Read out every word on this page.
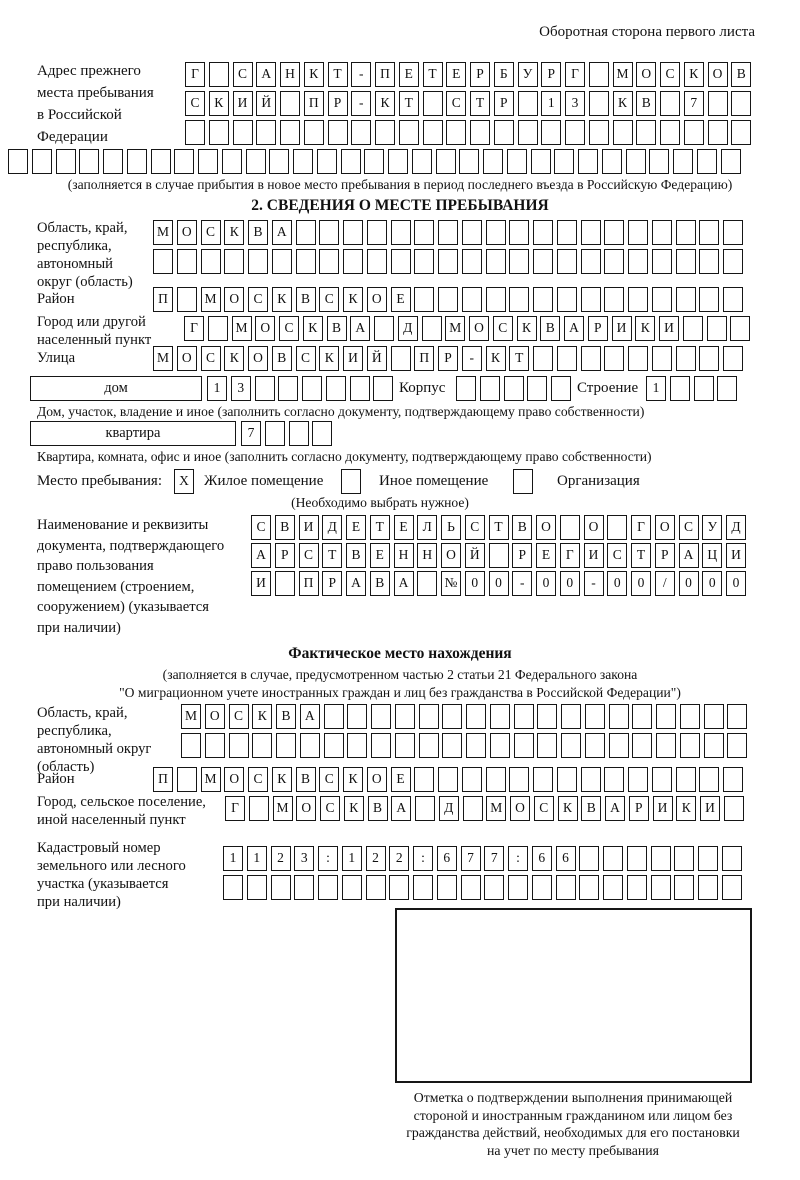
Оборотная сторона первого листа
Адрес прежнего
места пребывания
в Российской
Федерации
Г	С А Н К Т - П Е Т Е Р Б У Р Г	М О С К О В
С К И Й	П Р - К Т	С Т Р	1 3	К В	7
(заполняется в случае прибытия в новое место пребывания в период последнего въезда в Российскую Федерацию)
2. СВЕДЕНИЯ О МЕСТЕ ПРЕБЫВАНИЯ
Область, край,
республика,
автономный
округ (область)
М О С К В А
Район	П	М О С К В С К О Е
Город или другой
населенный пункт
Г	М О С К В А	Д	М О С К В А Р И К И
Улица	М О С К О В С К И Й	П Р - К Т
дом	1 3	Корпус	Строение	1
Дом, участок, владение и иное (заполнить согласно документу, подтверждающему право собственности)
квартира	7
Квартира, комната, офис и иное (заполнить согласно документу, подтверждающему право собственности)
Место пребывания:	X	Жилое помещение	Иное помещение	Организация
(Необходимо выбрать нужное)
Наименование и реквизиты
документа, подтверждающего
право пользования
помещением (строением,
сооружением) (указывается
при наличии)
С В И Д Е Т Е Л Ь С Т В О	О	Г О С У Д
А Р С Т В Е Н Н О Й	Р Е Г И С Т Р А Ц И
И	П Р А В А	№ 0 0 - 0 0 - 0 0 / 0 0 0
Фактическое место нахождения
(заполняется в случае, предусмотренном частью 2 статьи 21 Федерального закона
"О миграционном учете иностранных граждан и лиц без гражданства в Российской Федерации")
Область, край,
республика,
автономный округ
(область)
М О С К В А
Район	П	М О С К В С К О Е
Город, сельское поселение,
иной населенный пункт
Г	М О С К В А	Д	М О С К В А Р И К И
Кадастровый номер
земельного или лесного
участка (указывается
при наличии)
1 1 2 3 : 1 2 2 : 6 7 7 : 6 6
Отметка о подтверждении выполнения принимающей
стороной и иностранным гражданином или лицом без
гражданства действий, необходимых для его постановки
на учет по месту пребывания
